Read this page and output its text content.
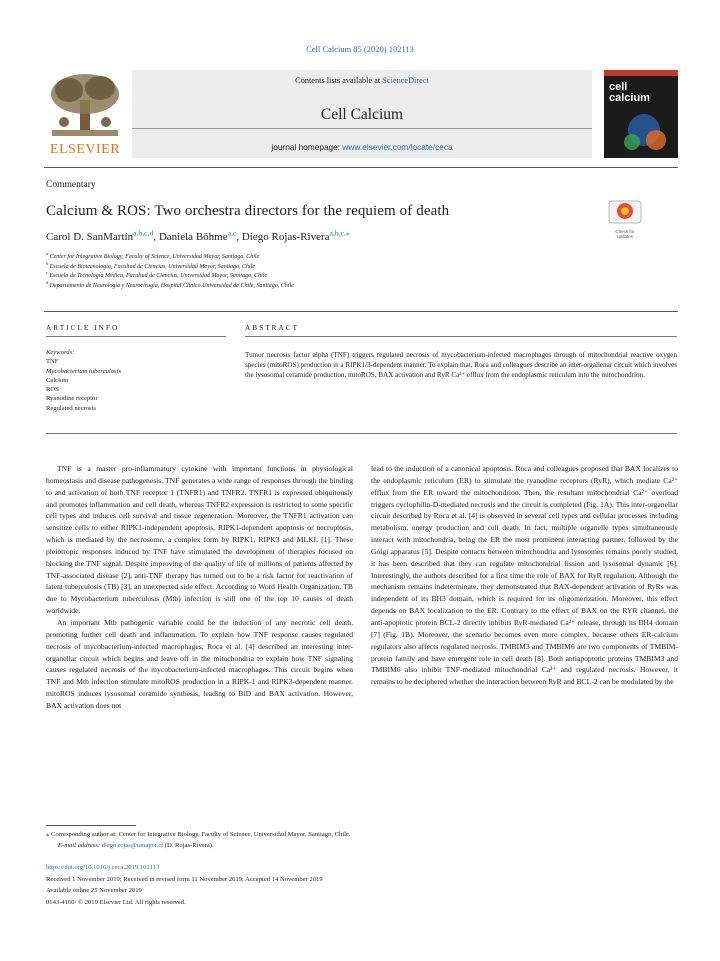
Cell Calcium 85 (2020) 102113
ELSEVIER
Contents lists available at ScienceDirect
Cell Calcium
journal homepage: www.elsevier.com/locate/ceca
cell
calcium
Commentary
Calcium & ROS: Two orchestra directors for the requiem of death
Check for updates
Carol D. SanMartín$^{a,b,c,d}$, Daniela Böhme$^{a,c}$, Diego Rojas-Rivera$^{a,b,c,⁎}$
$^a$ Center for Integrative Biology, Faculty of Science, Universidad Mayor, Santiago, Chile
$^b$ Escuela de Biotecnología, Facultad de Ciencias, Universidad Mayor, Santiago, Chile
$^c$ Escuela de Tecnología Médica, Facultad de Ciencias, Universidad Mayor, Santiago, Chile
$^d$ Departamento de Neurología y Neurocirugía, Hospital Clínico Universidad de Chile, Santiago, Chile
ARTICLE INFO
Keywords:
TNF
Mycobacterium tuberculosis
Calcium
ROS
Ryanodine receptor
Regulated necrosis
ABSTRACT
Tumor necrosis factor alpha (TNF) triggers regulated necrosis of mycobacterium-infected macrophages through of mitochondrial reactive oxygen species (mitoROS) production in a RIPK1/3-dependent manner. To explain that, Roca and colleagues describe an inter-orgallenar circuit which involves the lysosomal ceramide production, mitoROS, BAX activation and RyR Ca²⁺ efflux from the endoplasmic reticulum into the mitochondrion.

TNF is a master pro-inflammatory cytokine with important functions in physiological homeostasis and disease pathogenesis. TNF generates a wide range of responses through the binding to and activation of both TNF receptor 1 (TNFR1) and TNFR2. TNFR1 is expressed ubiquitously and promotes inflammation and cell death, whereas TNFR2 expression is restricted to some specific cell types and induces cell survival and tissue regeneration. Moreover, the TNFR1 activation can sensitize cells to either RIPK1-independent apoptosis, RIPK1-dependent apoptosis or necroptosis, which is mediated by the necrosome, a complex form by RIPK1, RIPK3 and MLKL [1]. These pleiotropic responses induced by TNF have stimulated the development of therapies focused on blocking the TNF signal. Despite improving of the quality of life of millions of patients affected by TNF-associated disease [2], anti-TNF therapy has turned out to be a risk factor for reactivation of latent tuberculosis (TB) [3], an unexpected side effect. According to Word Health Organization, TB due to Mycobacterium tuberculosis (Mtb) infection is still one of the top 10 causes of death worldwide.

An important Mtb pathogenic variable could be the induction of any necrotic cell death, promoting further cell death and inflammation. To explain how TNF response causes regulated necrosis of mycobacterium-infected macrophages, Roca et al. [4] described an interesting inter-organellar circuit which begins and leave off in the mitochondria to explain how TNF signaling causes regulated necrosis of the mycobacterium-infected macrophages. This circuit begins when TNF and Mtb infection stimulate mitoROS production in a RIPK-1 and RIPK3-dependent manner. mitoROS induces lysosomal ceramide synthesis, leading to BiD and BAX activation. However, BAX activation does not

lead to the induction of a canonical apoptosis. Roca and colleagues proposed that BAX localizes to the endoplasmic reticulum (ER) to stimulate the ryanodine receptors (RyR), which mediate Ca²⁺ efflux from the ER toward the mitochondrion. Then, the resultant mitochondrial Ca²⁺ overload triggers cyclophilin-D-mediated necrosis and the circuit is completed (Fig. 1A). This inter-organellar circuit described by Roca et al. [4] is observed in several cell types and cellular processes including metabolism, energy production and cell death. In fact, multiple organelle types simultaneously interact with mitochondria, being the ER the most prominent interacting partner, followed by the Golgi apparatus [5]. Despite contacts between mitochondria and lysosomes remains poorly studied, it has been described that they can regulate mitochondrial fission and lysosomal dynamic [6]. Interestingly, the authors described for a first time the role of BAX for RyR regulation. Although the mechanism remains indeterminate, they demonstrated that BAX-dependent activation of RyRs was independent of its BH3 domain, which is required for its oligomerization. Moreover, this effect depends on BAX localization to the ER. Contrary to the effect of BAX on the RYR channel, the anti-apoptotic protein BCL-2 directly inhibits RyR-mediated Ca²⁺ release, through its BH4 domain [7] (Fig. 1B). Moreover, the scenario becomes even more complex, because others ER-calcium regulators also affects regulated necrosis. TMBIM3 and TMBIM6 are two components of TMBIM-protein family and have emergent role in cell death [8]. Both antiapoptotic proteins TMBIM3 and TMBIM6 also inhibit TNF-mediated mitochondrial Ca²⁺ and regulated necrosis. However, it remains to be deciphered whether the interaction between RyR and BCL-2 can be modulated by the

⁎ Corresponding author at: Center for Integrative Biology, Faculty of Science, Universidad Mayor, Santiago, Chile.
E-mail address: diego.rojas@umayor.cl (D. Rojas-Rivera).
https://doi.org/10.1016/j.ceca.2019.102113
Received 1 November 2019; Received in revised form 11 November 2019; Accepted 14 November 2019
Available online 25 November 2019
0143-4160/ © 2019 Elsevier Ltd. All rights reserved.
